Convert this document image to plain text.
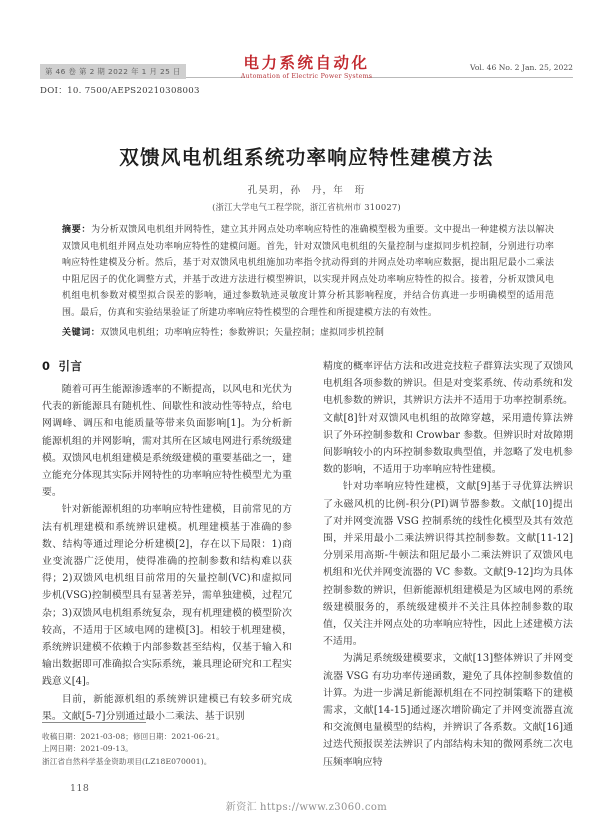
第 46 卷 第 2 期 2022 年 1 月 25 日	电力系统自动化
Automation of Electric Power Systems
Vol. 46 No. 2 Jan. 25, 2022
DOI：10. 7500/AEPS20210308003
双馈风电机组系统功率响应特性建模方法
孔昊玥，孙　丹，年　珩
(浙江大学电气工程学院，浙江省杭州市 310027)
摘要：为分析双馈风电机组并网特性，建立其并网点处功率响应特性的准确模型极为重要。文中提出一种建模方法以解决双馈风电机组并网点处功率响应特性的建模问题。首先，针对双馈风电机组的矢量控制与虚拟同步机控制，分别进行功率响应特性建模及分析。然后，基于对双馈风电机组施加功率指令扰动得到的并网点处功率响应数据，提出阻尼最小二乘法中阻尼因子的优化调整方式，并基于改进方法进行模型辨识，以实现并网点处功率响应特性的拟合。接着，分析双馈风电机组电机参数对模型拟合误差的影响，通过参数轨迹灵敏度计算分析其影响程度，并结合仿真进一步明确模型的适用范围。最后，仿真和实验结果验证了所建功率响应特性模型的合理性和所提建模方法的有效性。
关键词：双馈风电机组；功率响应特性；参数辨识；矢量控制；虚拟同步机控制
0 引言

随着可再生能源渗透率的不断提高，以风电和光伏为代表的新能源具有随机性、间歇性和波动性等特点，给电网调峰、调压和电能质量等带来负面影响[1]。为分析新能源机组的并网影响，需对其所在区域电网进行系统级建模。双馈风电机组建模是系统级建模的重要基础之一，建立能充分体现其实际并网特性的功率响应特性模型尤为重要。

针对新能源机组的功率响应特性建模，目前常见的方法有机理建模和系统辨识建模。机理建模基于准确的参数、结构等通过理论分析建模[2]，存在以下局限：1)商业变流器广泛使用，使得准确的控制参数和结构难以获得；2)双馈风电机组目前常用的矢量控制(VC)和虚拟同步机(VSG)控制模型具有显著差异，需单独建模，过程冗杂；3)双馈风电机组系统复杂，现有机理建模的模型阶次较高，不适用于区域电网的建模[3]。相较于机理建模，系统辨识建模不依赖于内部参数甚至结构，仅基于输入和输出数据即可准确拟合实际系统，兼具理论研究和工程实践意义[4]。

目前，新能源机组的系统辨识建模已有较多研究成果。文献[5-7]分别通过最小二乘法、基于识别

精度的概率评估方法和改进竞技粒子群算法实现了双馈风电机组各项参数的辨识。但是对变桨系统、传动系统和发电机参数的辨识，其辨识方法并不适用于功率控制系统。文献[8]针对双馈风电机组的故障穿越，采用遗传算法辨识了外环控制参数和 Crowbar 参数。但辨识时对故障期间影响较小的内环控制参数取典型值，并忽略了发电机参数的影响，不适用于功率响应特性建模。

针对功率响应特性建模，文献[9]基于寻优算法辨识了永磁风机的比例-积分(PI)调节器参数。文献[10]提出了对并网变流器 VSG 控制系统的线性化模型及其有效范围，并采用最小二乘法辨识得其控制参数。文献[11-12]分别采用高斯-牛顿法和阻尼最小二乘法辨识了双馈风电机组和光伏并网变流器的 VC 参数。文献[9-12]均为具体控制参数的辨识，但新能源机组建模是为区域电网的系统级建模服务的，系统级建模并不关注具体控制参数的取值，仅关注并网点处的功率响应特性，因此上述建模方法不适用。

为满足系统级建模要求，文献[13]整体辨识了并网变流器 VSG 有功功率传递函数，避免了具体控制参数值的计算。为进一步满足新能源机组在不同控制策略下的建模需求，文献[14-15]通过逐次增阶确定了并网变流器直流和交流侧电量模型的结构，并辨识了各系数。文献[16]通过迭代预报误差法辨识了内部结构未知的微网系统二次电压频率响应特

收稿日期：2021-03-08；修回日期：2021-06-21。
上网日期：2021-09-13。
浙江省自然科学基金资助项目(LZ18E070001)。
118
新资汇 https://www.z3060.com
